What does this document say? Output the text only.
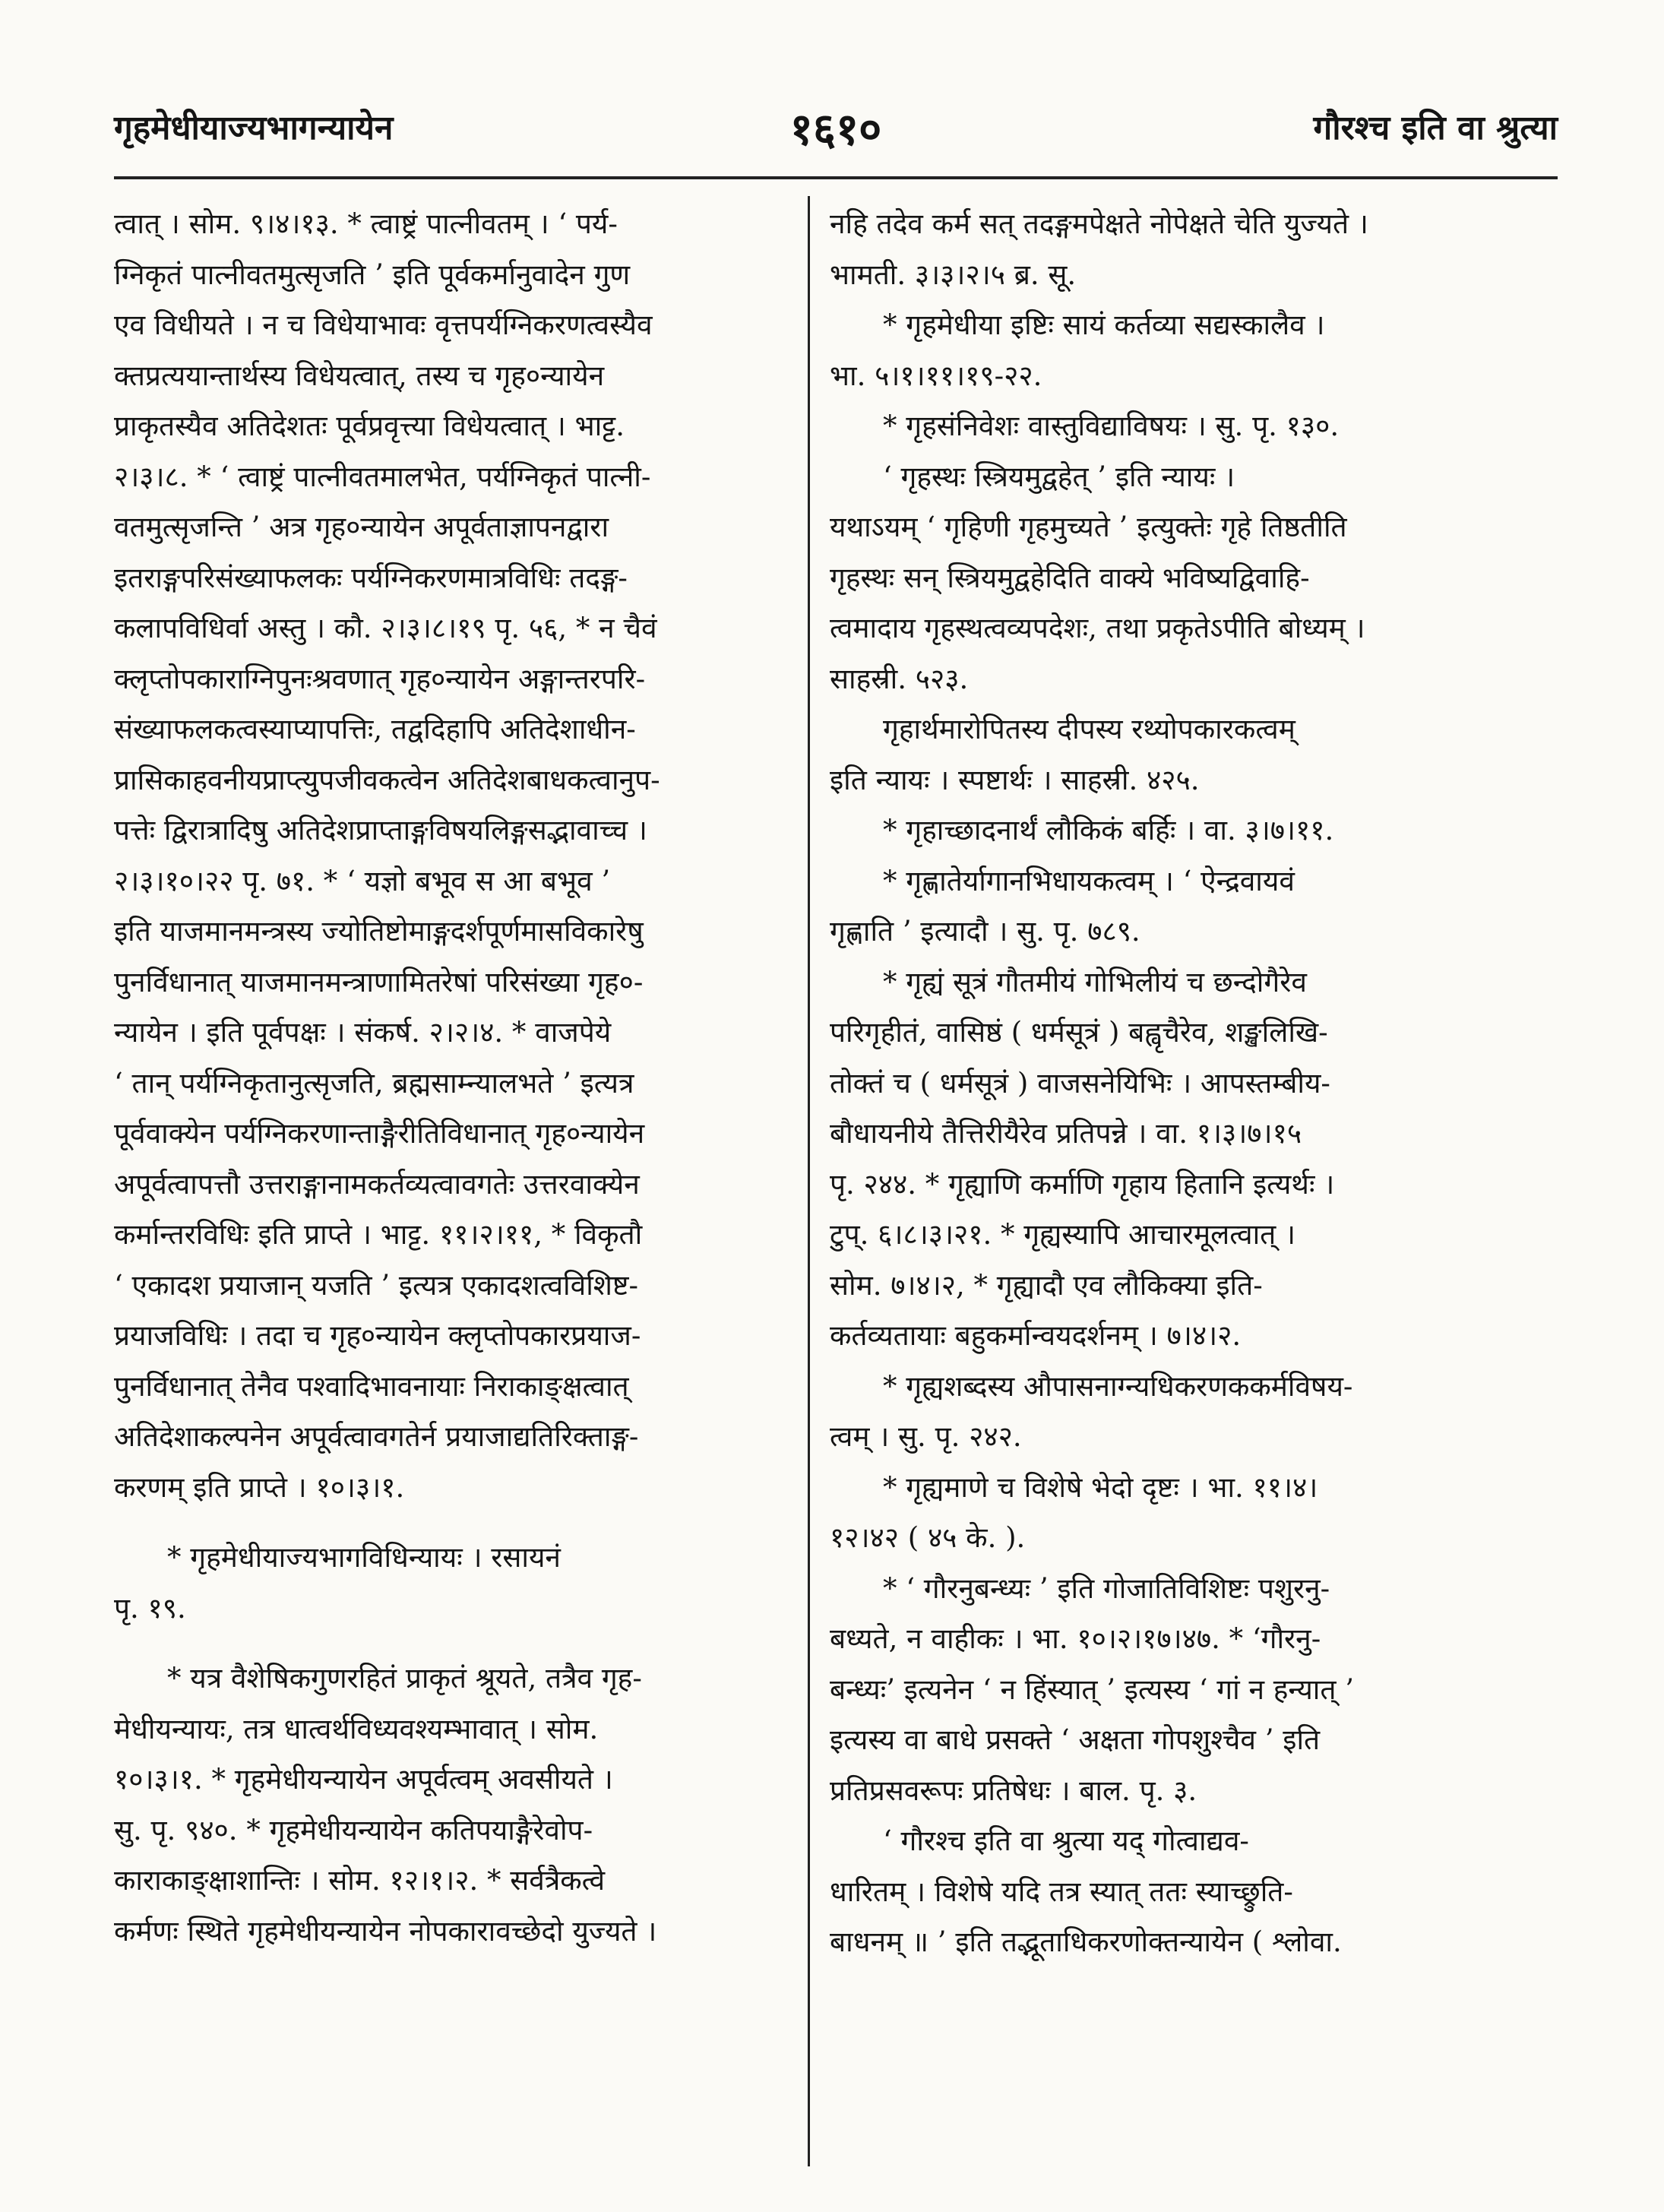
गृहमेधीयाज्यभागन्यायेन	१६१०	गौरश्च इति वा श्रुत्या

त्वात् । सोम. ९।४।१३. * त्वाष्ट्रं पात्नीवतम् । ‘ पर्य-
ग्निकृतं पात्नीवतमुत्सृजति ’ इति पूर्वकर्मानुवादेन गुण
एव विधीयते । न च विधेयाभावः वृत्तपर्यग्निकरणत्वस्यैव
क्तप्रत्ययान्तार्थस्य विधेयत्वात्, तस्य च गृह०न्यायेन
प्राकृतस्यैव अतिदेशतः पूर्वप्रवृत्त्या विधेयत्वात् । भाट्ट.
२।३।८. * ‘ त्वाष्ट्रं पात्नीवतमालभेत, पर्यग्निकृतं पात्नी-
वतमुत्सृजन्ति ’ अत्र गृह०न्यायेन अपूर्वताज्ञापनद्वारा
इतराङ्गपरिसंख्याफलकः पर्यग्निकरणमात्रविधिः तदङ्ग-
कलापविधिर्वा अस्तु । कौ. २।३।८।१९ पृ. ५६, * न चैवं
क्लृप्तोपकाराग्निपुनःश्रवणात् गृह०न्यायेन अङ्गान्तरपरि-
संख्याफलकत्वस्याप्यापत्तिः, तद्वदिहापि अतिदेशाधीन-
प्रासिकाहवनीयप्राप्त्युपजीवकत्वेन अतिदेशबाधकत्वानुप-
पत्तेः द्विरात्रादिषु अतिदेशप्राप्ताङ्गविषयलिङ्गसद्भावाच्च ।
२।३।१०।२२ पृ. ७१. * ‘ यज्ञो बभूव स आ बभूव ’
इति याजमानमन्त्रस्य ज्योतिष्टोमाङ्गदर्शपूर्णमासविकारेषु
पुनर्विधानात् याजमानमन्त्राणामितरेषां परिसंख्या गृह०-
न्यायेन । इति पूर्वपक्षः । संकर्ष. २।२।४. * वाजपेये
‘ तान् पर्यग्निकृतानुत्सृजति, ब्रह्मसाम्न्यालभते ’ इत्यत्र
पूर्ववाक्येन पर्यग्निकरणान्ताङ्गैरीतिविधानात् गृह०न्यायेन
अपूर्वत्वापत्तौ उत्तराङ्गानामकर्तव्यत्वावगतेः उत्तरवाक्येन
कर्मान्तरविधिः इति प्राप्ते । भाट्ट. ११।२।११, * विकृतौ
‘ एकादश प्रयाजान् यजति ’ इत्यत्र एकादशत्वविशिष्ट-
प्रयाजविधिः । तदा च गृह०न्यायेन क्लृप्तोपकारप्रयाज-
पुनर्विधानात् तेनैव पश्वादिभावनायाः निराकाङ्क्षत्वात्
अतिदेशाकल्पनेन अपूर्वत्वावगतेर्न प्रयाजाद्यतिरिक्ताङ्ग-
करणम् इति प्राप्ते । १०।३।१.

* गृहमेधीयाज्यभागविधिन्यायः । रसायनं
पृ. १९.

* यत्र वैशेषिकगुणरहितं प्राकृतं श्रूयते, तत्रैव गृह-
मेधीयन्यायः, तत्र धात्वर्थविध्यवश्यम्भावात् । सोम.
१०।३।१. * गृहमेधीयन्यायेन अपूर्वत्वम् अवसीयते ।
सु. पृ. ९४०. * गृहमेधीयन्यायेन कतिपयाङ्गैरेवोप-
काराकाङ्क्षाशान्तिः । सोम. १२।१।२. * सर्वत्रैकत्वे
कर्मणः स्थिते गृहमेधीयन्यायेन नोपकारावच्छेदो युज्यते ।

नहि तदेव कर्म सत् तदङ्गमपेक्षते नोपेक्षते चेति युज्यते ।
भामती. ३।३।२।५ ब्र. सू.
* गृहमेधीया इष्टिः सायं कर्तव्या सद्यस्कालैव ।
भा. ५।१।११।१९-२२.
* गृहसंनिवेशः वास्तुविद्याविषयः । सु. पृ. १३०.
‘ गृहस्थः स्त्रियमुद्वहेत् ’ इति न्यायः ।
यथाऽयम् ‘ गृहिणी गृहमुच्यते ’ इत्युक्तेः गृहे तिष्ठतीति
गृहस्थः सन् स्त्रियमुद्वहेदिति वाक्ये भविष्यद्विवाहि-
त्वमादाय गृहस्थत्वव्यपदेशः, तथा प्रकृतेऽपीति बोध्यम् ।
साहस्री. ५२३.
गृहार्थमारोपितस्य दीपस्य रथ्योपकारकत्वम्
इति न्यायः । स्पष्टार्थः । साहस्री. ४२५.
* गृहाच्छादनार्थं लौकिकं बर्हिः । वा. ३।७।११.
* गृह्णातेर्यागानभिधायकत्वम् । ‘ ऐन्द्रवायवं
गृह्णाति ’ इत्यादौ । सु. पृ. ७८९.
* गृह्यं सूत्रं गौतमीयं गोभिलीयं च छन्दोगैरेव
परिगृहीतं, वासिष्ठं ( धर्मसूत्रं ) बह्वृचैरेव, शङ्खलिखि-
तोक्तं च ( धर्मसूत्रं ) वाजसनेयिभिः । आपस्तम्बीय-
बौधायनीये तैत्तिरीयैरेव प्रतिपन्ने । वा. १।३।७।१५
पृ. २४४. * गृह्याणि कर्माणि गृहाय हितानि इत्यर्थः ।
टुप्. ६।८।३।२१. * गृह्यस्यापि आचारमूलत्वात् ।
सोम. ७।४।२, * गृह्यादौ एव लौकिक्या इति-
कर्तव्यतायाः बहुकर्मान्वयदर्शनम् । ७।४।२.
* गृह्यशब्दस्य औपासनाग्न्यधिकरणककर्मविषय-
त्वम् । सु. पृ. २४२.
* गृह्यमाणे च विशेषे भेदो दृष्टः । भा. ११।४।
१२।४२ ( ४५ के. ).
* ‘ गौरनुबन्ध्यः ’ इति गोजातिविशिष्टः पशुरनु-
बध्यते, न वाहीकः । भा. १०।२।१७।४७. * ‘गौरनु-
बन्ध्यः’ इत्यनेन ‘ न हिंस्यात् ’ इत्यस्य ‘ गां न हन्यात् ’
इत्यस्य वा बाधे प्रसक्ते ‘ अक्षता गोपशुश्चैव ’ इति
प्रतिप्रसवरूपः प्रतिषेधः । बाल. पृ. ३.
‘ गौरश्च इति वा श्रुत्या यद् गोत्वाद्यव-
धारितम् । विशेषे यदि तत्र स्यात् ततः स्याच्छ्रुति-
बाधनम् ॥ ’ इति तद्भूताधिकरणोक्तन्यायेन ( श्लोवा.
